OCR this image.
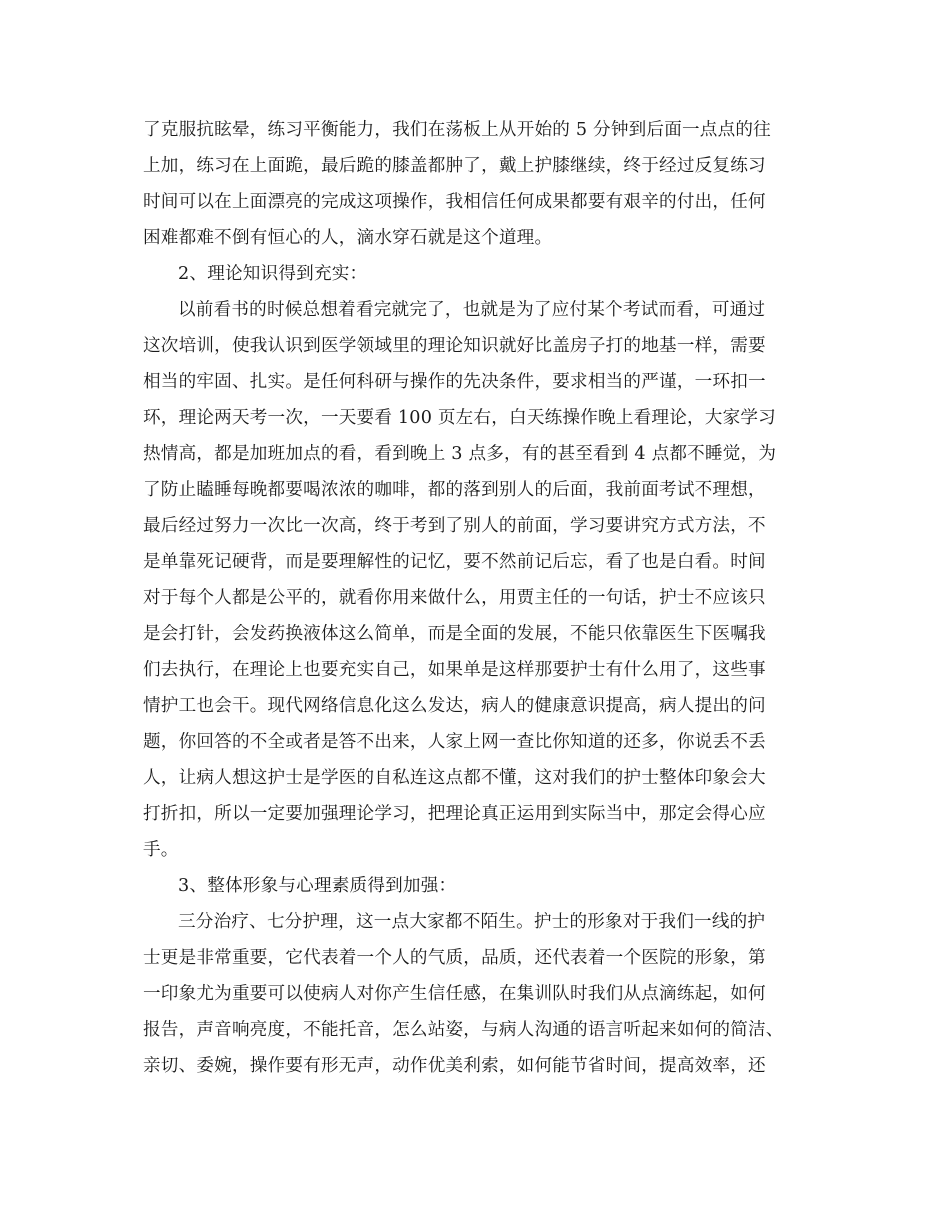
了克服抗眩晕，练习平衡能力，我们在荡板上从开始的 5 分钟到后面一点点的往
上加，练习在上面跪，最后跪的膝盖都肿了，戴上护膝继续，终于经过反复练习
时间可以在上面漂亮的完成这项操作，我相信任何成果都要有艰辛的付出，任何
困难都难不倒有恒心的人，滴水穿石就是这个道理。
2、理论知识得到充实：
以前看书的时候总想着看完就完了，也就是为了应付某个考试而看，可通过
这次培训，使我认识到医学领域里的理论知识就好比盖房子打的地基一样，需要
相当的牢固、扎实。是任何科研与操作的先决条件，要求相当的严谨，一环扣一
环，理论两天考一次，一天要看 100 页左右，白天练操作晚上看理论，大家学习
热情高，都是加班加点的看，看到晚上 3 点多，有的甚至看到 4 点都不睡觉，为
了防止瞌睡每晚都要喝浓浓的咖啡，都的落到别人的后面，我前面考试不理想，
最后经过努力一次比一次高，终于考到了别人的前面，学习要讲究方式方法，不
是单靠死记硬背，而是要理解性的记忆，要不然前记后忘，看了也是白看。时间
对于每个人都是公平的，就看你用来做什么，用贾主任的一句话，护士不应该只
是会打针，会发药换液体这么简单，而是全面的发展，不能只依靠医生下医嘱我
们去执行，在理论上也要充实自己，如果单是这样那要护士有什么用了，这些事
情护工也会干。现代网络信息化这么发达，病人的健康意识提高，病人提出的问
题，你回答的不全或者是答不出来，人家上网一查比你知道的还多，你说丢不丢
人，让病人想这护士是学医的自私连这点都不懂，这对我们的护士整体印象会大
打折扣，所以一定要加强理论学习，把理论真正运用到实际当中，那定会得心应
手。
3、整体形象与心理素质得到加强：
三分治疗、七分护理，这一点大家都不陌生。护士的形象对于我们一线的护
士更是非常重要，它代表着一个人的气质，品质，还代表着一个医院的形象，第
一印象尤为重要可以使病人对你产生信任感，在集训队时我们从点滴练起，如何
报告，声音响亮度，不能托音，怎么站姿，与病人沟通的语言听起来如何的简洁、
亲切、委婉，操作要有形无声，动作优美利索，如何能节省时间，提高效率，还
